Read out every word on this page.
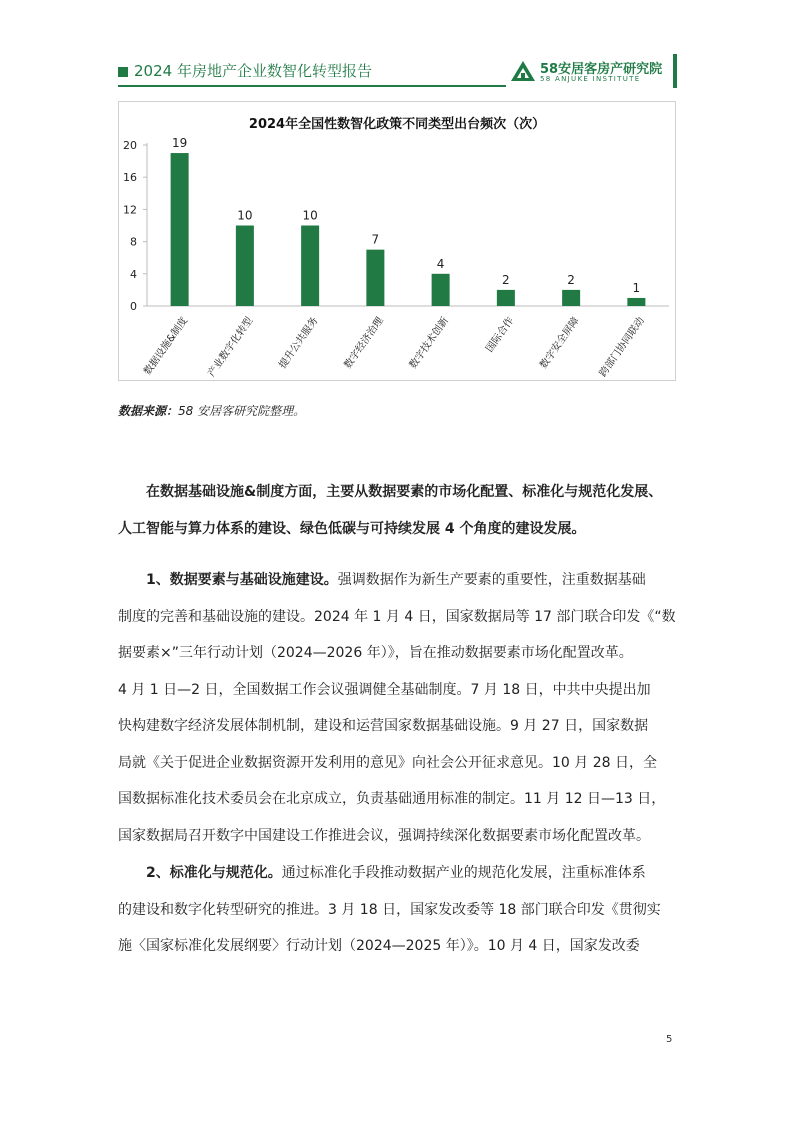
2024 年房地产企业数智化转型报告	58安居客房产研究院
58 ANJUKE INSTITUTE
2024年全国性数智化政策不同类型出台频次（次）
0
4
8
12
16
20	19
数据设施&制度
10
产业数字化转型
10
提升公共服务
7
数字经济治理
4
数字技术创新
2
国际合作
2
数字安全屏障
1
跨部门协同联动
数据来源：58 安居客研究院整理。
在数据基础设施&制度方面，主要从数据要素的市场化配置、标准化与规范化发展、
人工智能与算力体系的建设、绿色低碳与可持续发展 4 个角度的建设发展。
1、数据要素与基础设施建设。强调数据作为新生产要素的重要性，注重数据基础
制度的完善和基础设施的建设。2024 年 1 月 4 日，国家数据局等 17 部门联合印发《“数
据要素×”三年行动计划（2024—2026 年）》，旨在推动数据要素市场化配置改革。
4 月 1 日—2 日，全国数据工作会议强调健全基础制度。7 月 18 日，中共中央提出加
快构建数字经济发展体制机制，建设和运营国家数据基础设施。9 月 27 日，国家数据
局就《关于促进企业数据资源开发利用的意见》向社会公开征求意见。10 月 28 日，全
国数据标准化技术委员会在北京成立，负责基础通用标准的制定。11 月 12 日—13 日，
国家数据局召开数字中国建设工作推进会议，强调持续深化数据要素市场化配置改革。
2、标准化与规范化。通过标准化手段推动数据产业的规范化发展，注重标准体系
的建设和数字化转型研究的推进。3 月 18 日，国家发改委等 18 部门联合印发《贯彻实
施〈国家标准化发展纲要〉行动计划（2024—2025 年）》。10 月 4 日，国家发改委
5
